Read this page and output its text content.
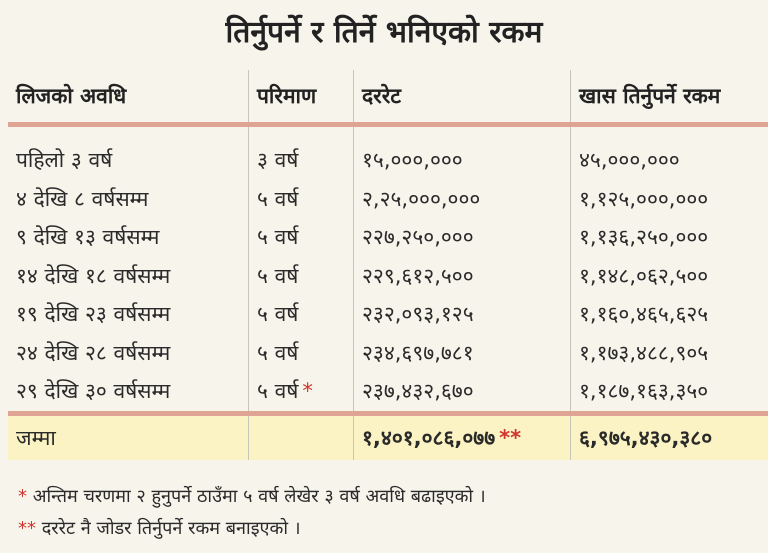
तिर्नुपर्ने र तिर्ने भनिएको रकम
लिजको अवधि	परिमाण	दररेट	खास तिर्नुपर्ने रकम
पहिलो ३ वर्ष	३ वर्ष	१५,०००,०००	४५,०००,०००
४ देखि ८ वर्षसम्म	५ वर्ष	२,२५,०००,०००	१,१२५,०००,०००
९ देखि १३ वर्षसम्म	५ वर्ष	२२७,२५०,०००	१,१३६,२५०,०००
१४ देखि १८ वर्षसम्म	५ वर्ष	२२९,६१२,५००	१,१४८,०६२,५००
१९ देखि २३ वर्षसम्म	५ वर्ष	२३२,०९३,१२५	१,१६०,४६५,६२५
२४ देखि २८ वर्षसम्म	५ वर्ष	२३४,६९७,७८१	१,१७३,४८८,९०५
२९ देखि ३० वर्षसम्म	५ वर्ष *	२३७,४३२,६७०	१,१८७,१६३,३५०
जम्मा		१,४०१,०८६,०७७ **	६,९७५,४३०,३८०
* अन्तिम चरणमा २ हुनुपर्ने ठाउँमा ५ वर्ष लेखेर ३ वर्ष अवधि बढाइएको ।
** दररेट नै जोडर तिर्नुपर्ने रकम बनाइएको ।
